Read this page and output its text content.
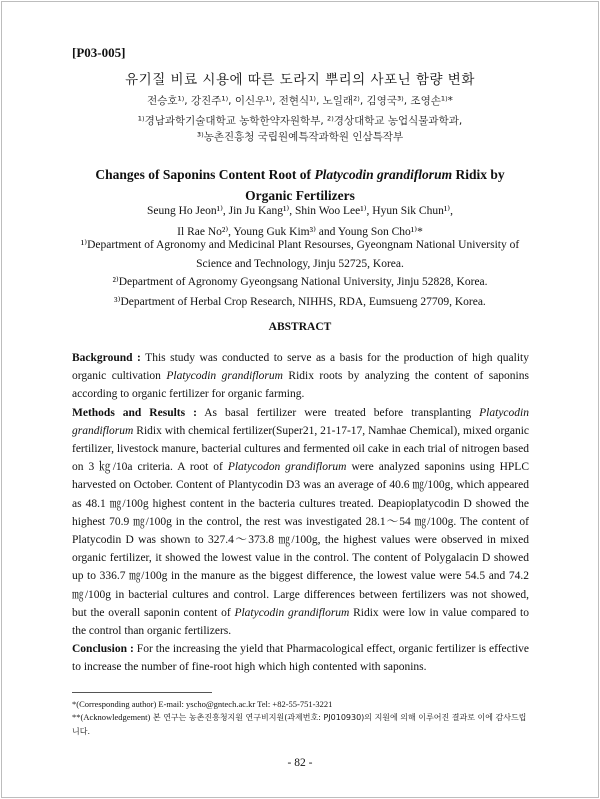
[P03-005]
유기질 비료 시용에 따른 도라지 뿌리의 사포닌 함량 변화
전승호¹⁾, 강진주¹⁾, 이신우¹⁾, 전현식¹⁾, 노일래²⁾, 김영국³⁾, 조영손¹⁾*
¹⁾경남과학기술대학교 농학한약자원학부, ²⁾경상대학교 농업식물과학과,
³⁾농촌진흥청 국립원예특작과학원 인삼특작부
Changes of Saponins Content Root of Platycodin grandiflorum Ridix by
Organic Fertilizers
Seung Ho Jeon¹⁾, Jin Ju Kang¹⁾, Shin Woo Lee¹⁾, Hyun Sik Chun¹⁾,
Il Rae No²⁾, Young Guk Kim³⁾ and Young Son Cho¹⁾*
¹⁾Department of Agronomy and Medicinal Plant Resourses, Gyeongnam National University of Science and Technology, Jinju 52725, Korea.
²⁾Department of Agronomy Gyeongsang National University, Jinju 52828, Korea.
³⁾Department of Herbal Crop Research, NIHHS, RDA, Eumsueng 27709, Korea.
ABSTRACT

Background : This study was conducted to serve as a basis for the production of high quality organic cultivation Platycodin grandiflorum Ridix roots by analyzing the content of saponins according to organic fertilizer for organic farming.

Methods and Results : As basal fertilizer were treated before transplanting Platycodin grandiflorum Ridix with chemical fertilizer(Super21, 21-17-17, Namhae Chemical), mixed organic fertilizer, livestock manure, bacterial cultures and fermented oil cake in each trial of nitrogen based on 3 ㎏/10a criteria. A root of Platycodon grandiflorum were analyzed saponins using HPLC harvested on October. Content of Plantycodin D3 was an average of 40.6 ㎎/100g, which appeared as 48.1 ㎎/100g highest content in the bacteria cultures treated. Deapioplatycodin D showed the highest 70.9 ㎎/100g in the control, the rest was investigated 28.1～54 ㎎/100g. The content of Platycodin D was shown to 327.4～373.8 ㎎/100g, the highest values were observed in mixed organic fertilizer, it showed the lowest value in the control. The content of Polygalacin D showed up to 336.7 ㎎/100g in the manure as the biggest difference, the lowest value were 54.5 and 74.2 ㎎/100g in bacterial cultures and control. Large differences between fertilizers was not showed, but the overall saponin content of Platycodin grandiflorum Ridix were low in value compared to the control than organic fertilizers.

Conclusion : For the increasing the yield that Pharmacological effect, organic fertilizer is effective to increase the number of fine-root high which high contented with saponins.

*(Corresponding author) E-mail: yscho@gntech.ac.kr Tel: +82-55-751-3221
**(Acknowledgement) 본 연구는 농촌진흥청지원 연구비지원(과제번호: PJ010930)의 지원에 의해 이루어진 결과로 이에 감사드립니다.
- 82 -
